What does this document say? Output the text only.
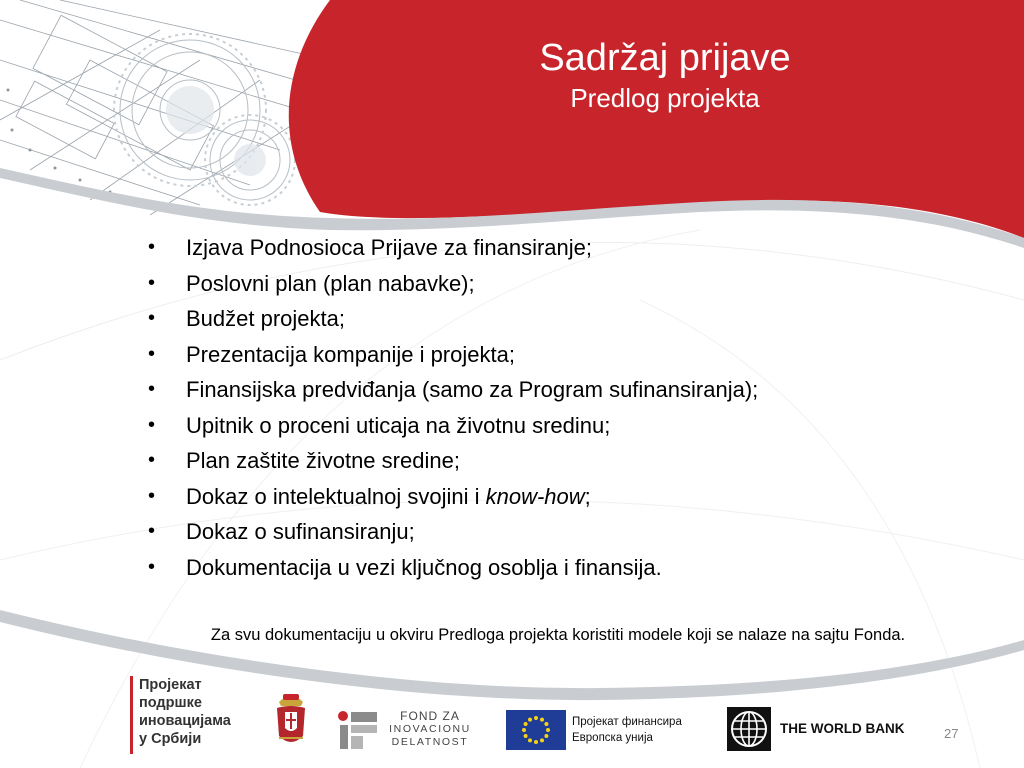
Sadržaj prijave

Predlog projekta

• Izjava Podnosioca Prijave za finansiranje;
• Poslovni plan (plan nabavke);
• Budžet projekta;
• Prezentacija kompanije i projekta;
• Finansijska predviđanja (samo za Program sufinansiranja);
• Upitnik o proceni uticaja na životnu sredinu;
• Plan zaštite životne sredine;
• Dokaz o intelektualnoj svojini i know-how;
• Dokaz o sufinansiranju;
• Dokumentacija u vezi ključnog osoblja i finansija.
Za svu dokumentaciju u okviru Predloga projekta koristiti modele koji se nalaze na sajtu Fonda.
Пројекат
подршке
иновацијама
у Србији
FOND ZA
INOVACIONU
DELATNOST
Пројекат финансира
Европска унија
THE WORLD BANK	27
